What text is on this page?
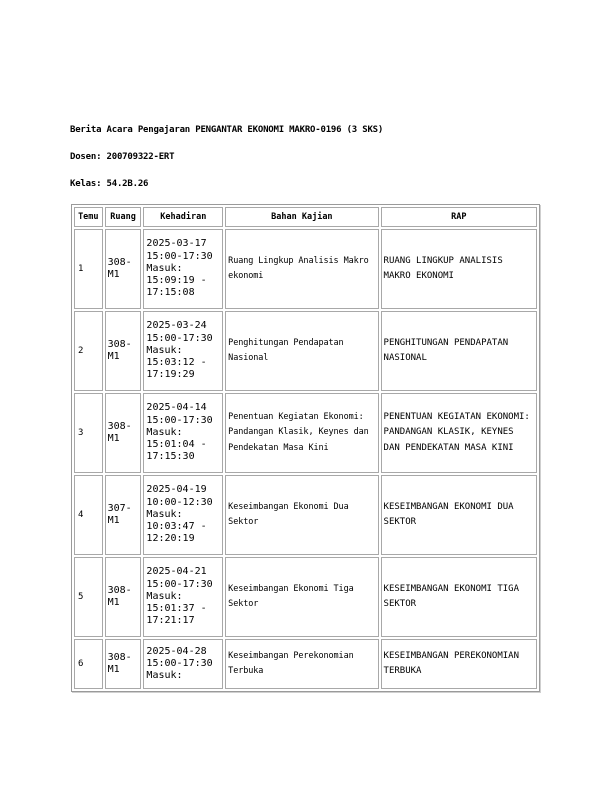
Berita Acara Pengajaran PENGANTAR EKONOMI MAKRO-0196 (3 SKS)
Dosen: 200709322-ERT
Kelas: 54.2B.26
Temu	Ruang	Kehadiran	Bahan Kajian	RAP
1	308-M1	2025-03-17
15:00-17:30
Masuk:
15:09:19 - 17:15:08	Ruang Lingkup Analisis Makro ekonomi	RUANG LINGKUP ANALISIS MAKRO EKONOMI
2	308-M1	2025-03-24
15:00-17:30
Masuk:
15:03:12 - 17:19:29	Penghitungan Pendapatan Nasional	PENGHITUNGAN PENDAPATAN NASIONAL
3	308-M1	2025-04-14
15:00-17:30
Masuk:
15:01:04 - 17:15:30	Penentuan Kegiatan Ekonomi: Pandangan Klasik, Keynes dan Pendekatan Masa Kini	PENENTUAN KEGIATAN EKONOMI: PANDANGAN KLASIK, KEYNES DAN PENDEKATAN MASA KINI
4	307-M1	2025-04-19
10:00-12:30
Masuk:
10:03:47 - 12:20:19	Keseimbangan Ekonomi Dua Sektor	KESEIMBANGAN EKONOMI DUA SEKTOR
5	308-M1	2025-04-21
15:00-17:30
Masuk:
15:01:37 - 17:21:17	Keseimbangan Ekonomi Tiga Sektor	KESEIMBANGAN EKONOMI TIGA SEKTOR
6	308-M1	2025-04-28
15:00-17:30
Masuk:	Keseimbangan Perekonomian Terbuka	KESEIMBANGAN PEREKONOMIAN TERBUKA
